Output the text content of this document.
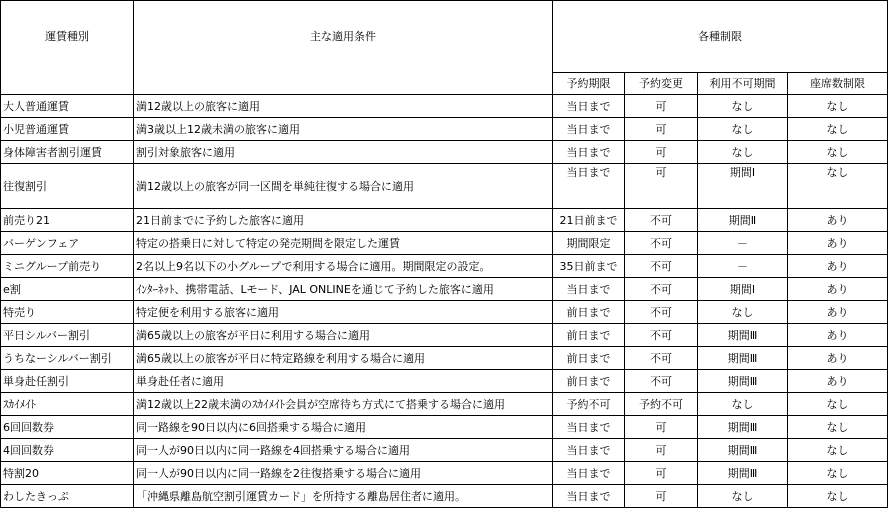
運賃種別	主な適用条件	各種制限			
		予約期限	予約変更	利用不可期間	座席数制限
大人普通運賃	満12歳以上の旅客に適用	当日まで	可	なし	なし
小児普通運賃	満3歳以上12歳未満の旅客に適用	当日まで	可	なし	なし
身体障害者割引運賃	割引対象旅客に適用	当日まで	可	なし	なし
往復割引	満12歳以上の旅客が同一区間を単純往復する場合に適用	当日まで	可	期間Ⅰ	なし
前売り21	21日前までに予約した旅客に適用	21日前まで	不可	期間Ⅱ	あり
バーゲンフェア	特定の搭乗日に対して特定の発売期間を限定した運賃	期間限定	不可	－	あり
ミニグループ前売り	2名以上9名以下の小グループで利用する場合に適用。期間限定の設定。	35日前まで	不可	－	あり
e割	ｲﾝﾀｰﾈｯﾄ、携帯電話、Lモード、JAL ONLINEを通じて予約した旅客に適用	当日まで	不可	期間Ⅰ	あり
特売り	特定便を利用する旅客に適用	前日まで	不可	なし	あり
平日シルバー割引	満65歳以上の旅客が平日に利用する場合に適用	前日まで	不可	期間Ⅲ	あり
うちなーシルバー割引	満65歳以上の旅客が平日に特定路線を利用する場合に適用	前日まで	不可	期間Ⅲ	あり
単身赴任割引	単身赴任者に適用	前日まで	不可	期間Ⅲ	あり
ｽｶｲﾒｲﾄ	満12歳以上22歳未満のｽｶｲﾒｲﾄ会員が空席待ち方式にて搭乗する場合に適用	予約不可	予約不可	なし	なし
6回回数券	同一路線を90日以内に6回搭乗する場合に適用	当日まで	可	期間Ⅲ	なし
4回回数券	同一人が90日以内に同一路線を4回搭乗する場合に適用	当日まで	可	期間Ⅲ	なし
特割20	同一人が90日以内に同一路線を2往復搭乗する場合に適用	当日まで	可	期間Ⅲ	なし
わしたきっぷ	「沖縄県離島航空割引運賃カード」を所持する離島居住者に適用。	当日まで	可	なし	なし
